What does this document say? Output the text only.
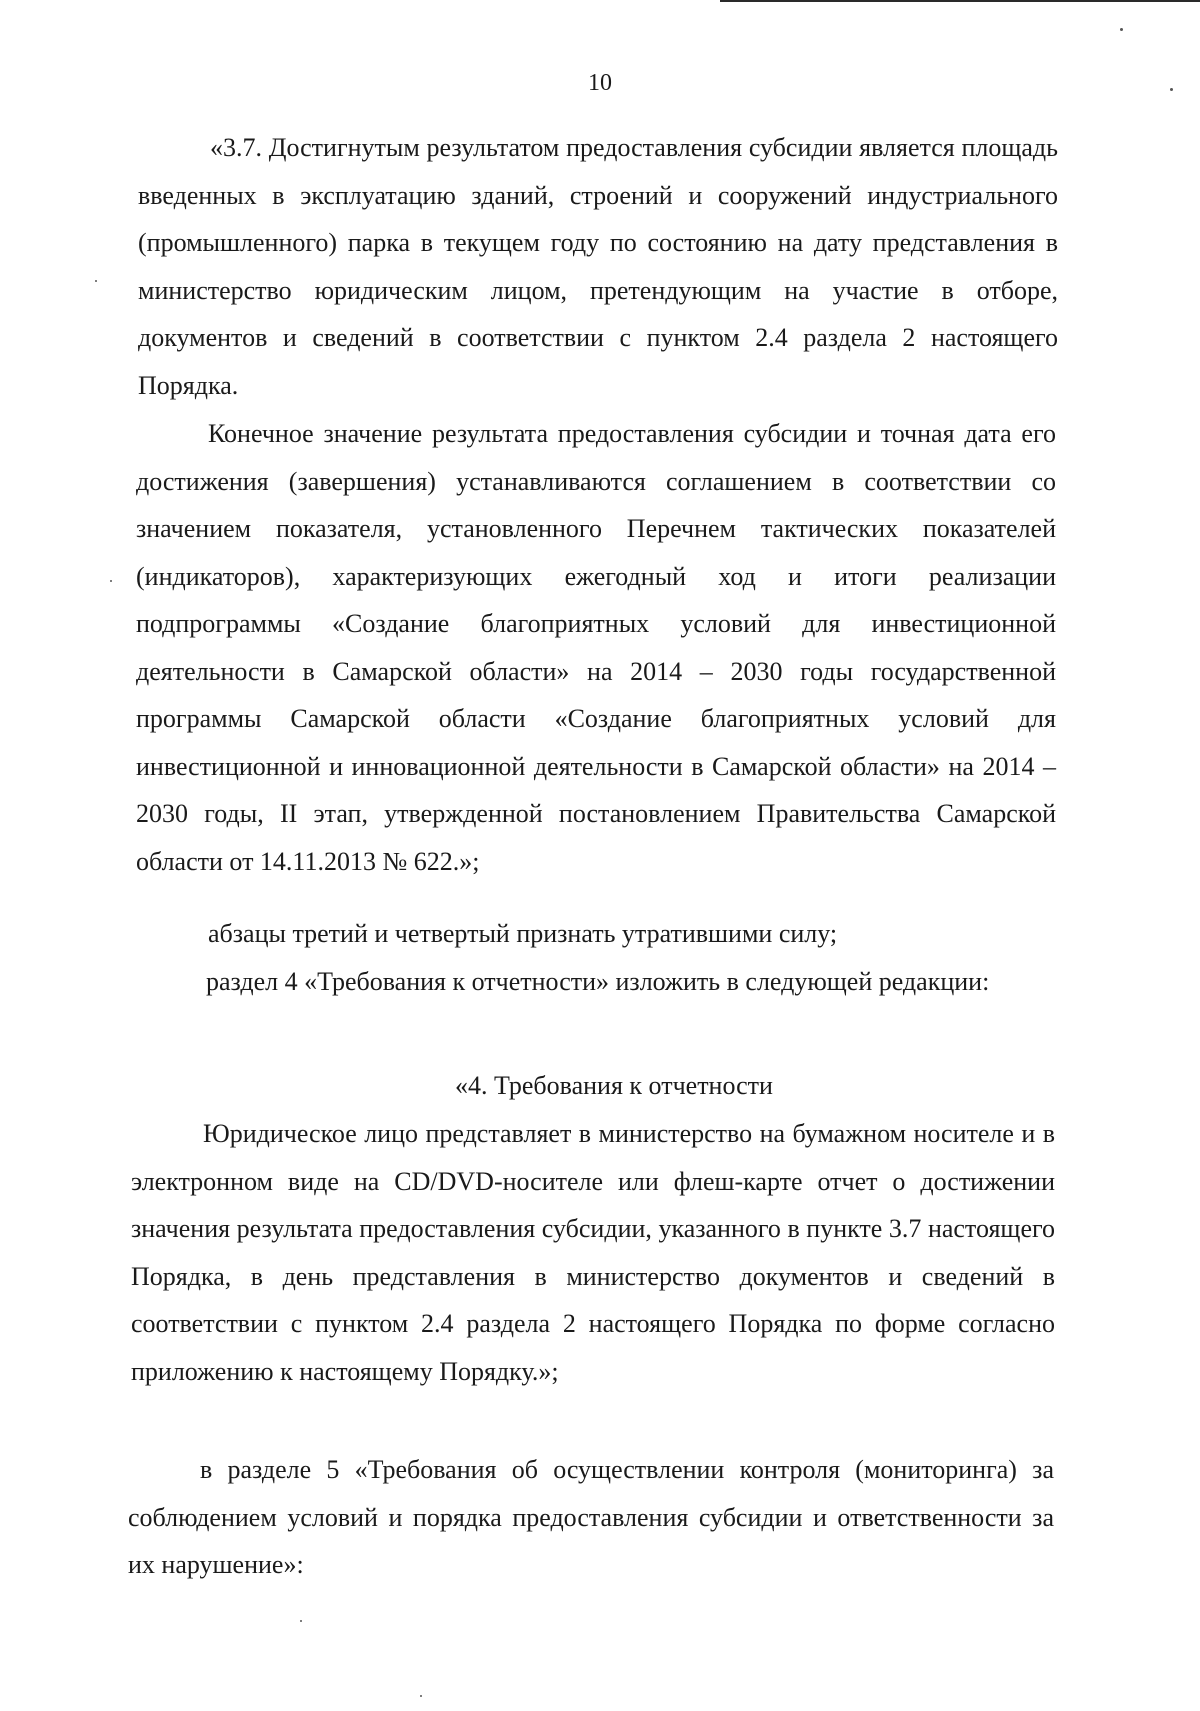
10
«3.7. Достигнутым результатом предоставления субсидии является площадь введенных в эксплуатацию зданий, строений и сооружений индустриального (промышленного) парка в текущем году по состоянию на дату представления в министерство юридическим лицом, претендующим на участие в отборе, документов и сведений в соответствии с пунктом 2.4 раздела 2 настоящего Порядка.
Конечное значение результата предоставления субсидии и точная дата его достижения (завершения) устанавливаются соглашением в соответствии со значением показателя, установленного Перечнем тактических показателей (индикаторов), характеризующих ежегодный ход и итоги реализации подпрограммы «Создание благоприятных условий для инвестиционной деятельности в Самарской области» на 2014 – 2030 годы государственной программы Самарской области «Создание благоприятных условий для инвестиционной и инновационной деятельности в Самарской области» на 2014 – 2030 годы, II этап, утвержденной постановлением Правительства Самарской области от 14.11.2013 № 622.»;
абзацы третий и четвертый признать утратившими силу;
раздел 4 «Требования к отчетности» изложить в следующей редакции:
«4. Требования к отчетности
Юридическое лицо представляет в министерство на бумажном носителе и в электронном виде на CD/DVD-носителе или флеш-карте отчет о достижении значения результата предоставления субсидии, указанного в пункте 3.7 настоящего Порядка, в день представления в министерство документов и сведений в соответствии с пунктом 2.4 раздела 2 настоящего Порядка по форме согласно приложению к настоящему Порядку.»;
в разделе 5 «Требования об осуществлении контроля (мониторинга) за соблюдением условий и порядка предоставления субсидии и ответственности за их нарушение»:
